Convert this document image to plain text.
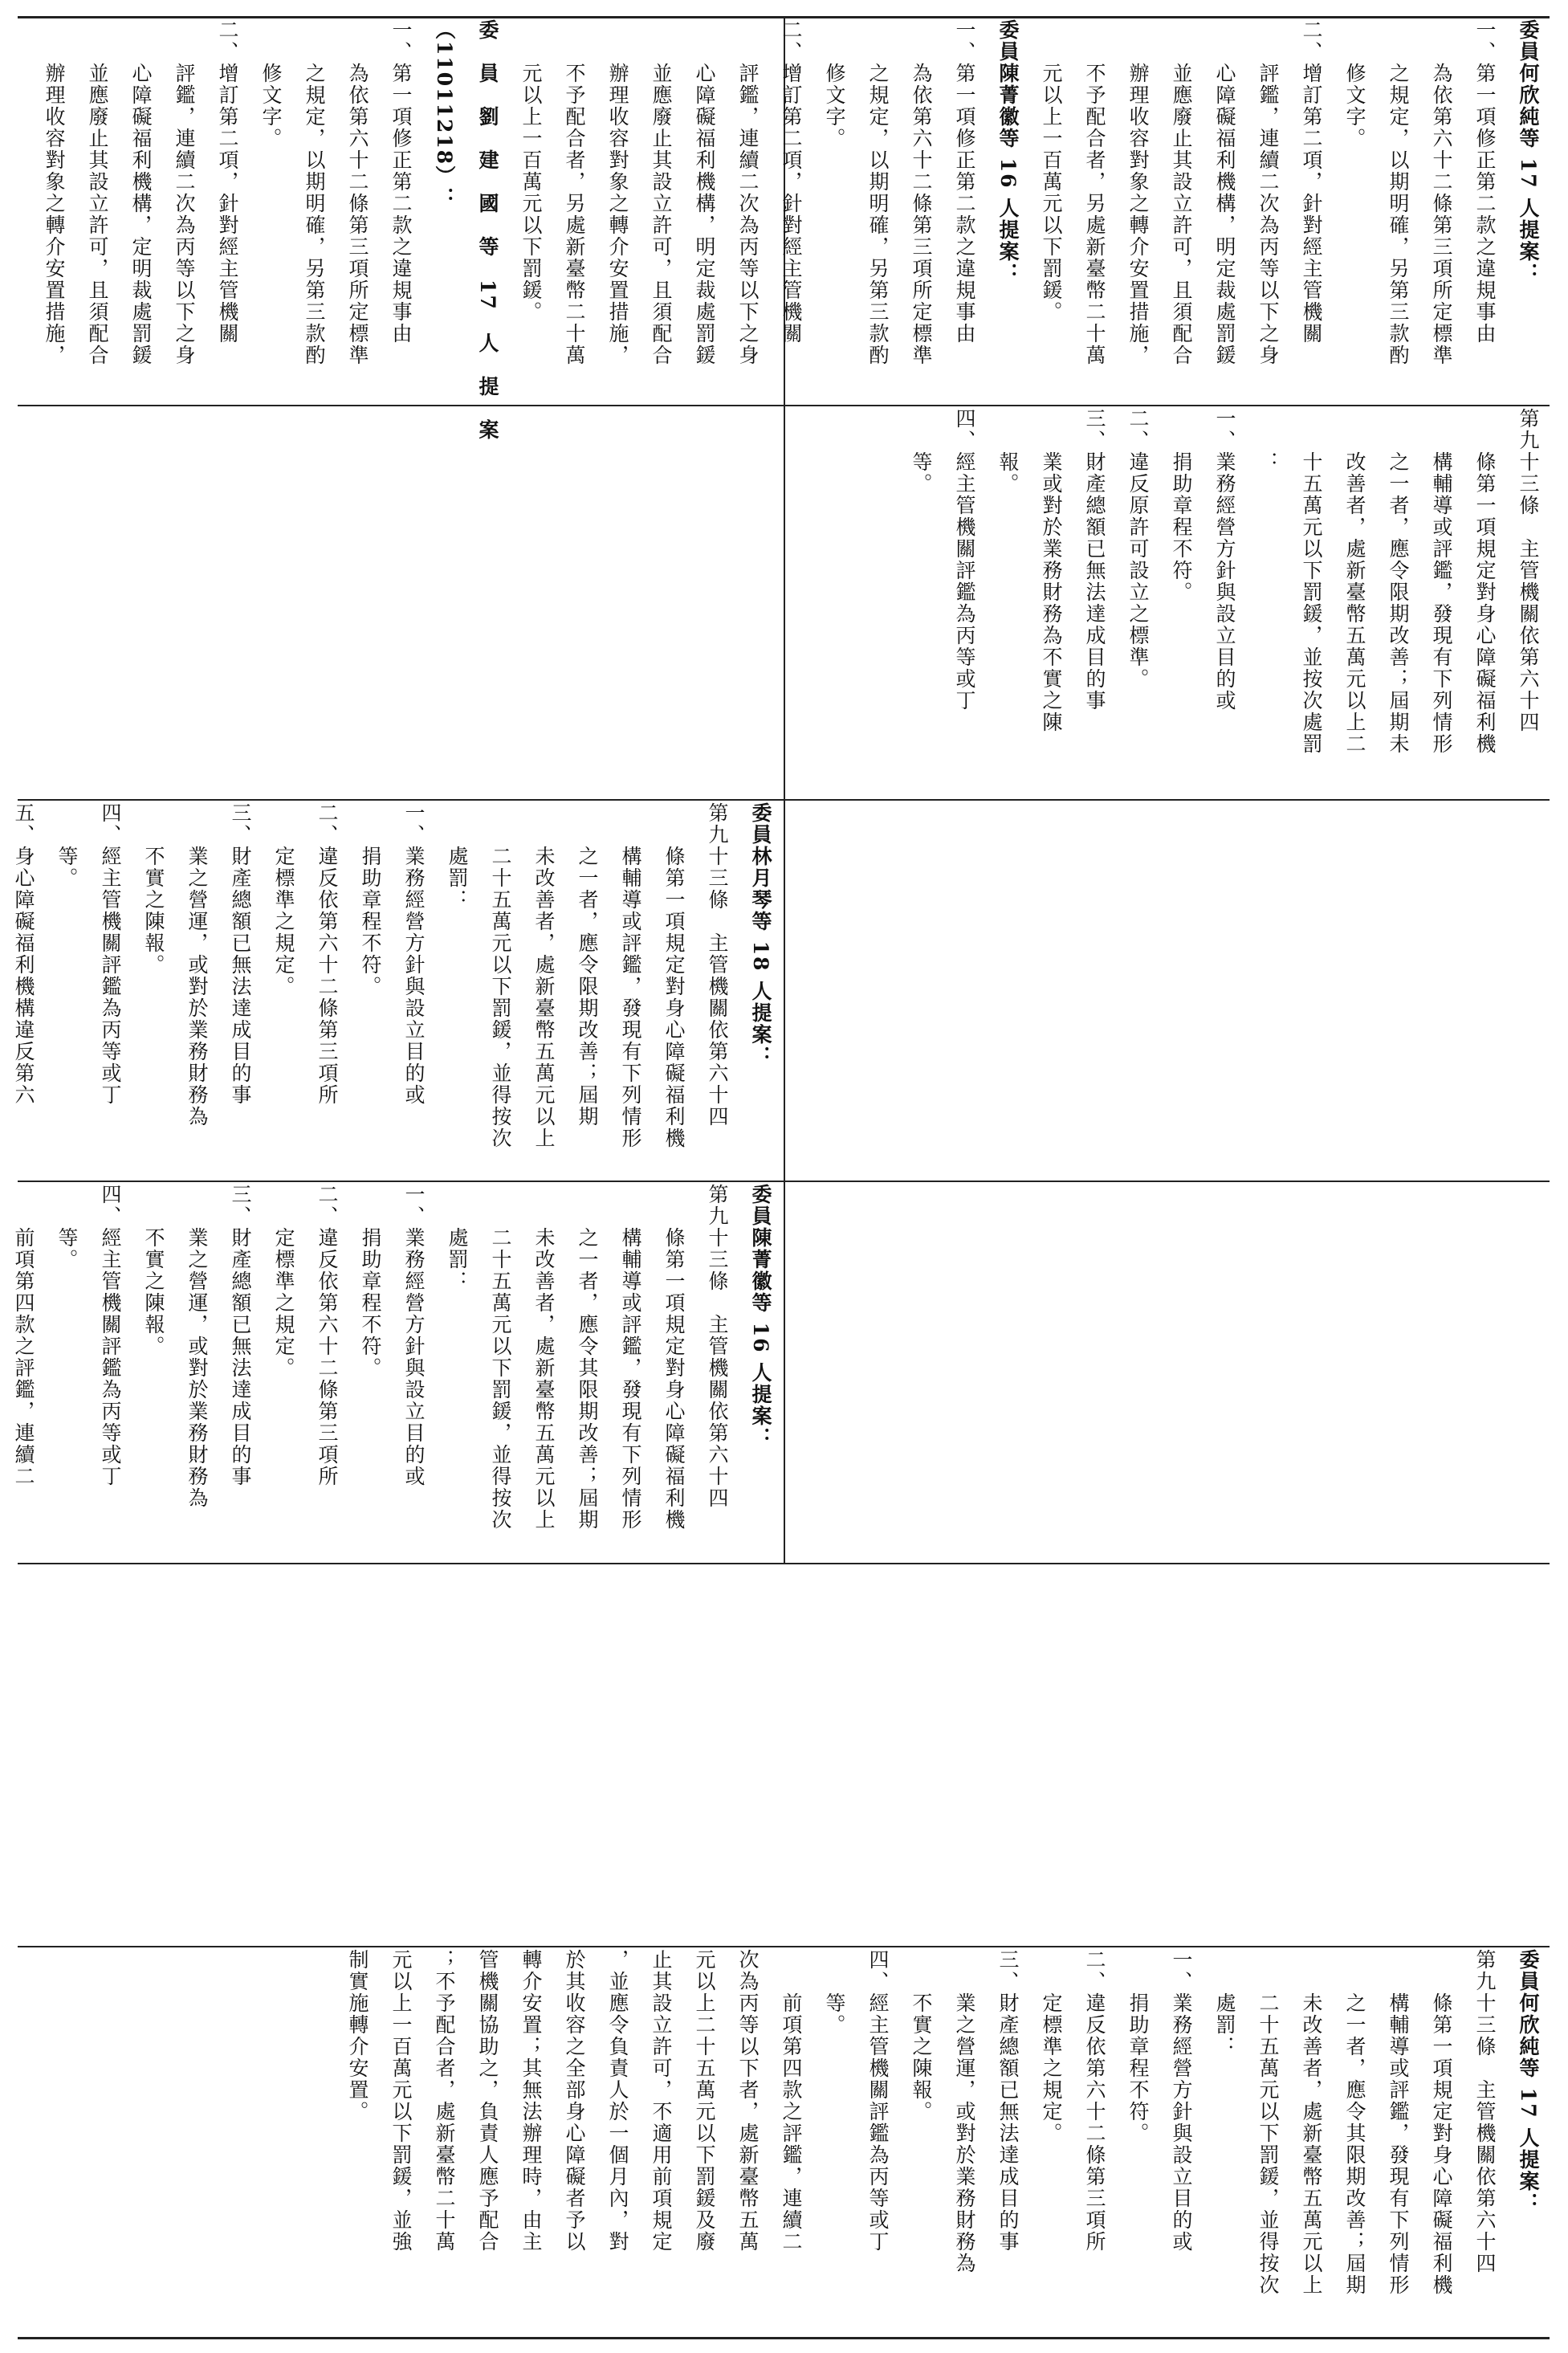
委員何欣純等 17 人提案：

一、第一項修正第二款之違規事由

　　為依第六十二條第三項所定標準

　　之規定，以期明確，另第三款酌

　　修文字。

二、增訂第二項，針對經主管機關

　　評鑑，連續二次為丙等以下之身

　　心障礙福利機構，明定裁處罰鍰

　　並應廢止其設立許可，且須配合

　　辦理收容對象之轉介安置措施，

　　不予配合者，另處新臺幣二十萬

　　元以上一百萬元以下罰鍰。

委員陳菁徽等 16 人提案：

一、第一項修正第二款之違規事由

　　為依第六十二條第三項所定標準

　　之規定，以期明確，另第三款酌

　　修文字。

二、增訂第二項，針對經主管機關

　　評鑑，連續二次為丙等以下之身

　　心障礙福利機構，明定裁處罰鍰

　　並應廢止其設立許可，且須配合

　　辦理收容對象之轉介安置措施，

　　不予配合者，另處新臺幣二十萬

　　元以上一百萬元以下罰鍰。

委　員　劉　建　國　等　17　人　提　案

（11011218）：

一、第一項修正第二款之違規事由

　　為依第六十二條第三項所定標準

　　之規定，以期明確，另第三款酌

　　修文字。

二、增訂第二項，針對經主管機關

　　評鑑，連續二次為丙等以下之身

　　心障礙福利機構，定明裁處罰鍰

　　並應廢止其設立許可，且須配合

　　辦理收容對象之轉介安置措施，

第九十三條　主管機關依第六十四

　　條第一項規定對身心障礙福利機

　　構輔導或評鑑，發現有下列情形

　　之一者，應令限期改善；屆期未

　　改善者，處新臺幣五萬元以上二

　　十五萬元以下罰鍰，並按次處罰

　　：

一、業務經營方針與設立目的或

　　捐助章程不符。

二、違反原許可設立之標準。

三、財產總額已無法達成目的事

　　業或對於業務財務為不實之陳

　　報。

四、經主管機關評鑑為丙等或丁

　　等。

委員林月琴等 18 人提案：

第九十三條　主管機關依第六十四

　　條第一項規定對身心障礙福利機

　　構輔導或評鑑，發現有下列情形

　　之一者，應令限期改善；屆期

　　未改善者，處新臺幣五萬元以上

　　二十五萬元以下罰鍰，並得按次

　　處罰：

一、業務經營方針與設立目的或

　　捐助章程不符。

二、違反依第六十二條第三項所

　　定標準之規定。

三、財產總額已無法達成目的事

　　業之營運，或對於業務財務為

　　不實之陳報。

四、經主管機關評鑑為丙等或丁

　　等。

五、身心障礙福利機構違反第六

委員陳菁徽等 16 人提案：

第九十三條　主管機關依第六十四

　　條第一項規定對身心障礙福利機

　　構輔導或評鑑，發現有下列情形

　　之一者，應令其限期改善；屆期

　　未改善者，處新臺幣五萬元以上

　　二十五萬元以下罰鍰，並得按次

　　處罰：

一、業務經營方針與設立目的或

　　捐助章程不符。

二、違反依第六十二條第三項所

　　定標準之規定。

三、財產總額已無法達成目的事

　　業之營運，或對於業務財務為

　　不實之陳報。

四、經主管機關評鑑為丙等或丁

　　等。

　　前項第四款之評鑑，連續二

委員何欣純等 17 人提案：

第九十三條　主管機關依第六十四

　　條第一項規定對身心障礙福利機

　　構輔導或評鑑，發現有下列情形

　　之一者，應令其限期改善；屆期

　　未改善者，處新臺幣五萬元以上

　　二十五萬元以下罰鍰，並得按次

　　處罰：

一、業務經營方針與設立目的或

　　捐助章程不符。

二、違反依第六十二條第三項所

　　定標準之規定。

三、財產總額已無法達成目的事

　　業之營運，或對於業務財務為

　　不實之陳報。

四、經主管機關評鑑為丙等或丁

　　等。

　　前項第四款之評鑑，連續二

次為丙等以下者，處新臺幣五萬

元以上二十五萬元以下罰鍰及廢

止其設立許可，不適用前項規定

，並應令負責人於一個月內，對

於其收容之全部身心障礙者予以

轉介安置；其無法辦理時，由主

管機關協助之，負責人應予配合

；不予配合者，處新臺幣二十萬

元以上一百萬元以下罰鍰，並強

制實施轉介安置。
